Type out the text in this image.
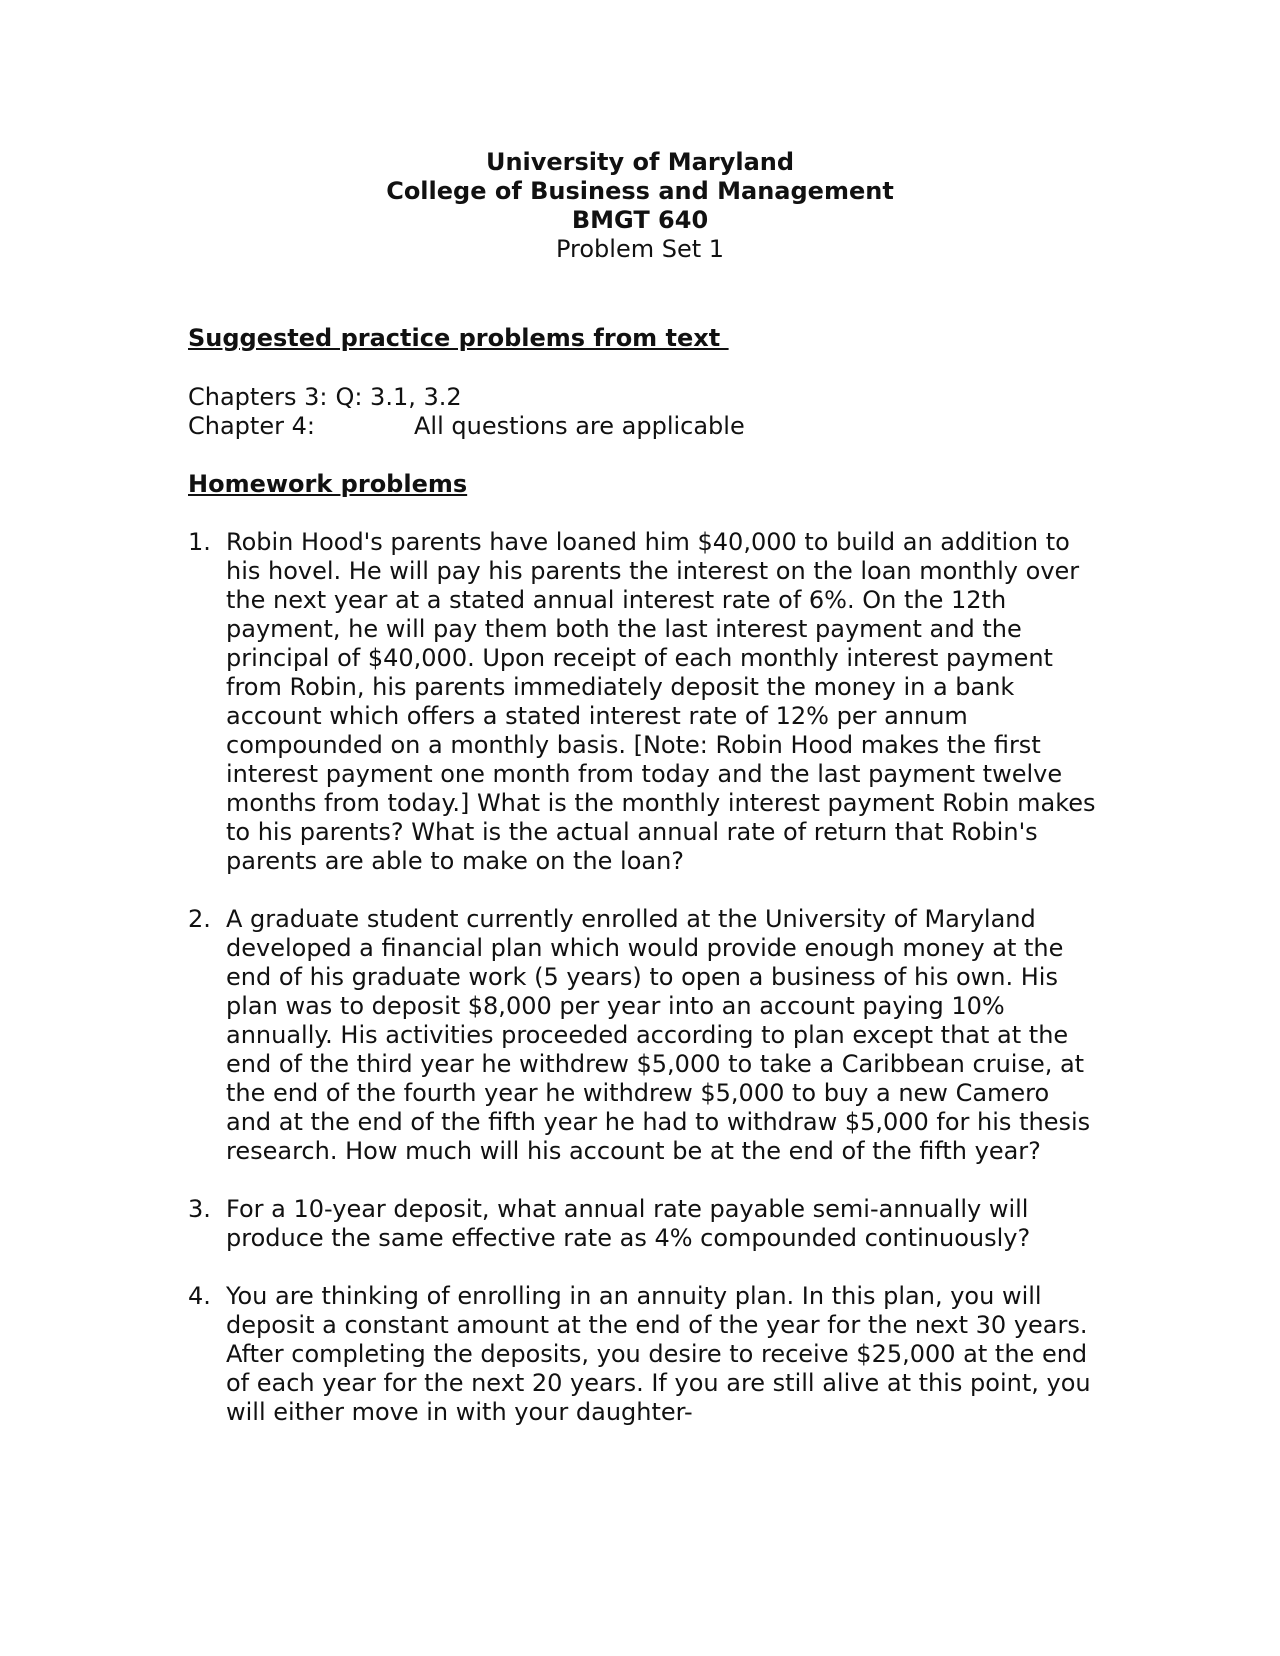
University of Maryland
College of Business and Management
BMGT 640
Problem Set 1
Suggested practice problems from text
Chapters 3: Q: 3.1, 3.2
Chapter 4:	All questions are applicable
Homework problems
1. Robin Hood's parents have loaned him $40,000 to build an addition to his hovel. He will pay his parents the interest on the loan monthly over the next year at a stated annual interest rate of 6%. On the 12th payment, he will pay them both the last interest payment and the principal of $40,000. Upon receipt of each monthly interest payment from Robin, his parents immediately deposit the money in a bank account which offers a stated interest rate of 12% per annum compounded on a monthly basis. [Note: Robin Hood makes the first interest payment one month from today and the last payment twelve months from today.] What is the monthly interest payment Robin makes to his parents? What is the actual annual rate of return that Robin's parents are able to make on the loan?
2. A graduate student currently enrolled at the University of Maryland developed a financial plan which would provide enough money at the end of his graduate work (5 years) to open a business of his own. His plan was to deposit $8,000 per year into an account paying 10% annually. His activities proceeded according to plan except that at the end of the third year he withdrew $5,000 to take a Caribbean cruise, at the end of the fourth year he withdrew $5,000 to buy a new Camero and at the end of the fifth year he had to withdraw $5,000 for his thesis research. How much will his account be at the end of the fifth year?
3. For a 10-year deposit, what annual rate payable semi-annually will produce the same effective rate as 4% compounded continuously?
4. You are thinking of enrolling in an annuity plan. In this plan, you will deposit a constant amount at the end of the year for the next 30 years. After completing the deposits, you desire to receive $25,000 at the end of each year for the next 20 years. If you are still alive at this point, you will either move in with your daughter-
